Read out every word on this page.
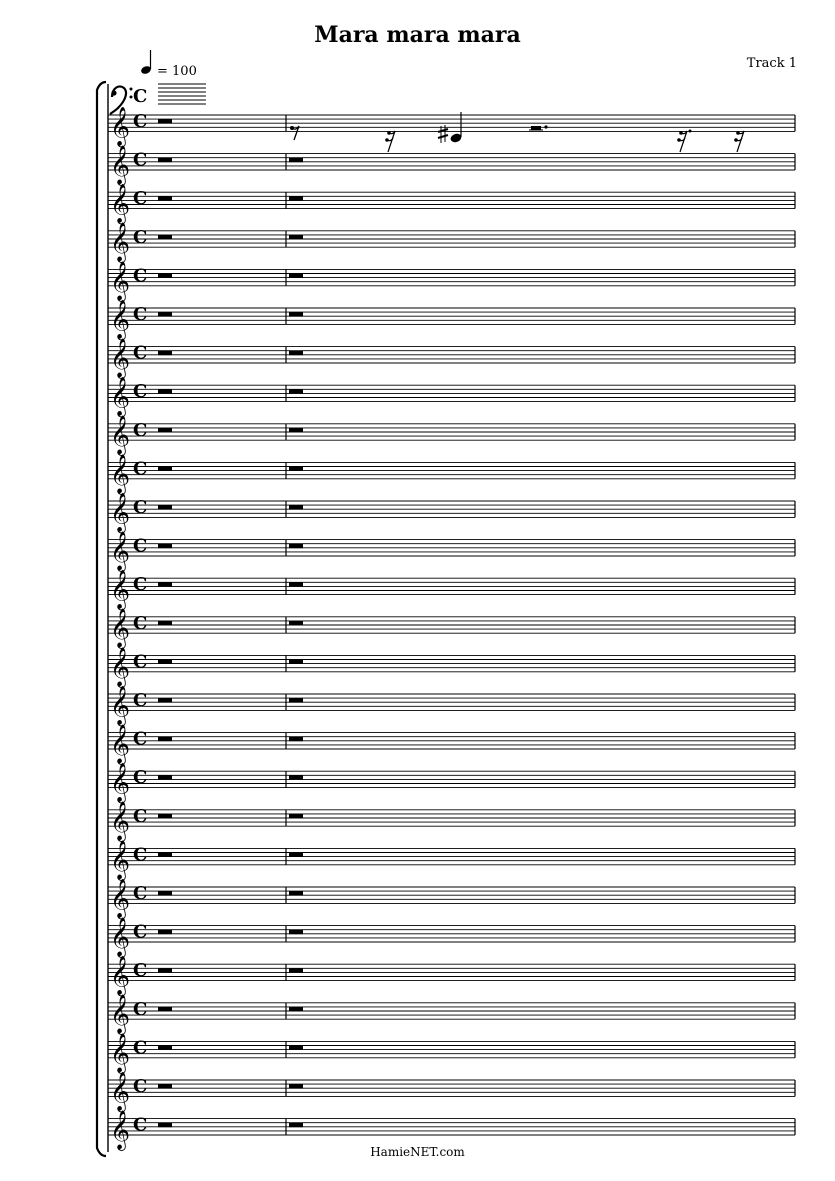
Mara mara mara
Track 1
= 100
C
𝄞 C
𝄞 C
𝄞 C
𝄞 C
𝄞 C
𝄞 C
𝄞 C
𝄞 C
𝄞 C
𝄞 C
𝄞 C
𝄞 C
𝄞 C
𝄞 C
𝄞 C
𝄞 C
𝄞 C
𝄞 C
𝄞 C
𝄞 C
𝄞 C
𝄞 C
𝄞 C
𝄞 C
𝄞 C
𝄞 C
𝄞 C
HamieNET.com
